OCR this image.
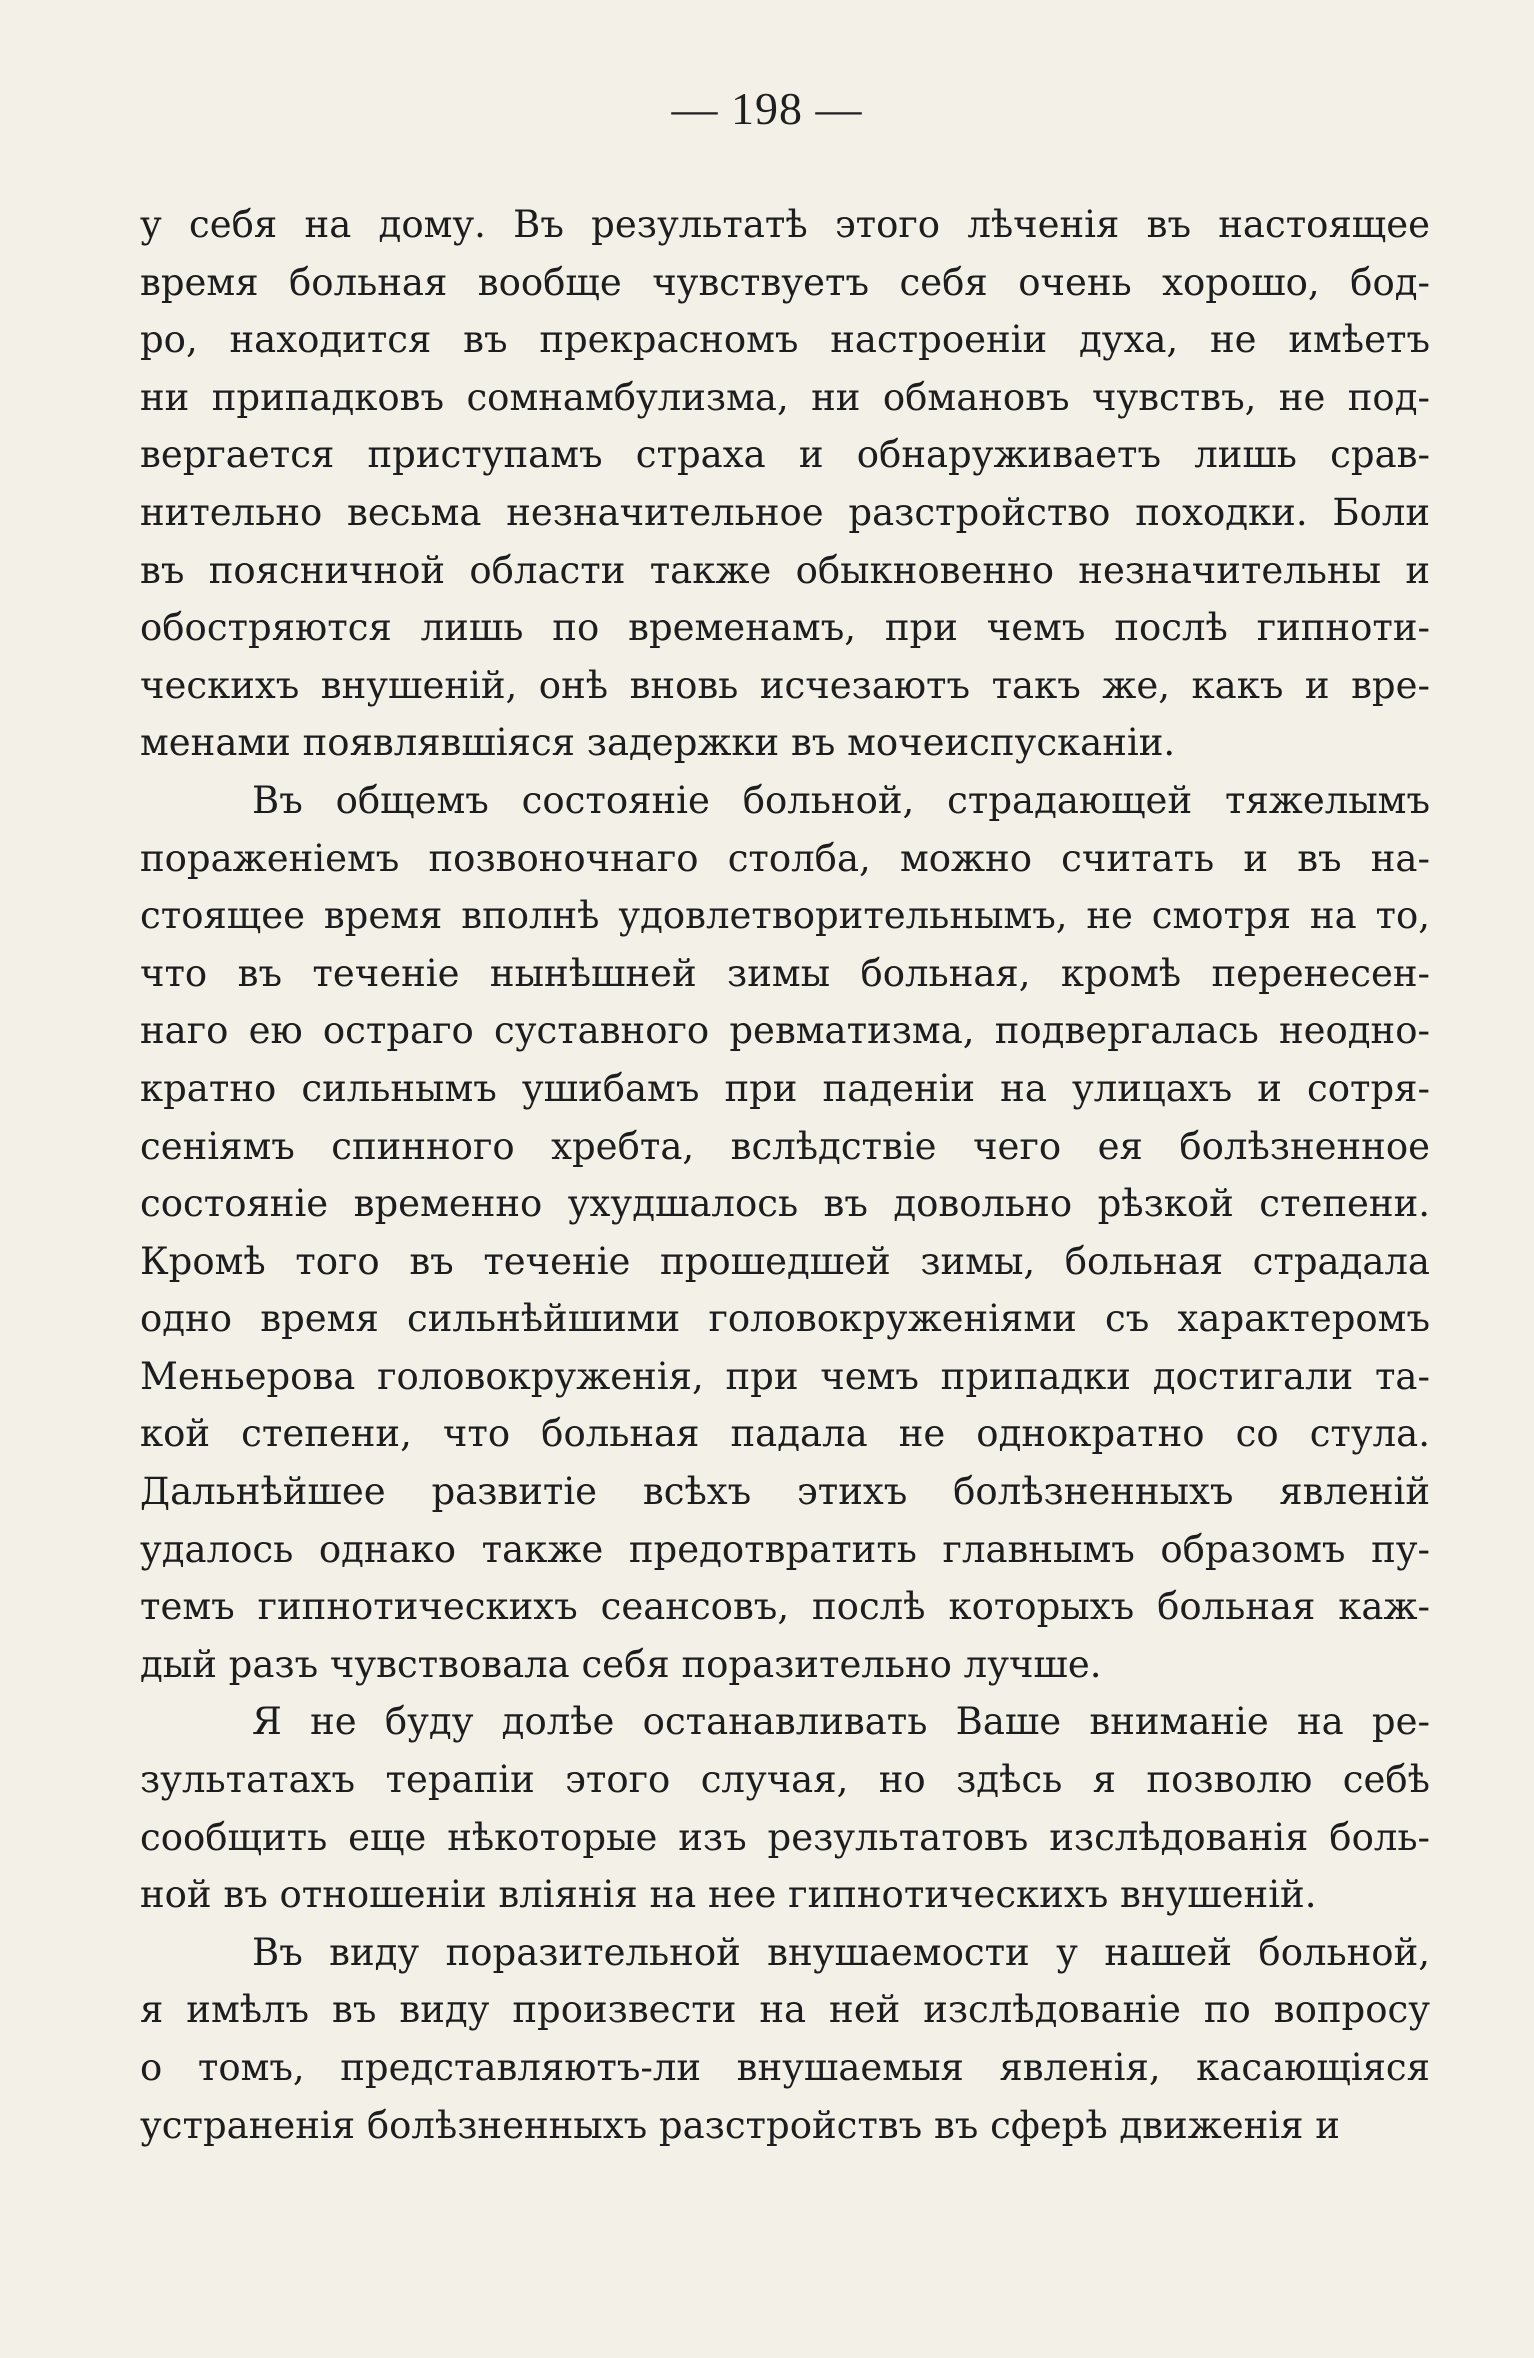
— 198 —
у себя на дому. Въ результатѣ этого лѣченія въ настоящее
время больная вообще чувствуетъ себя очень хорошо, бод-
ро, находится въ прекрасномъ настроеніи духа, не имѣетъ
ни припадковъ сомнамбулизма, ни обмановъ чувствъ, не под-
вергается приступамъ страха и обнаруживаетъ лишь срав-
нительно весьма незначительное разстройство походки. Боли
въ поясничной области также обыкновенно незначительны и
обостряются лишь по временамъ, при чемъ послѣ гипноти-
ческихъ внушеній, онѣ вновь исчезаютъ такъ же, какъ и вре-
менами появлявшіяся задержки въ мочеиспусканіи.
Въ общемъ состояніе больной, страдающей тяжелымъ
пораженіемъ позвоночнаго столба, можно считать и въ на-
стоящее время вполнѣ удовлетворительнымъ, не смотря на то,
что въ теченіе нынѣшней зимы больная, кромѣ перенесен-
наго ею остраго суставного ревматизма, подвергалась неодно-
кратно сильнымъ ушибамъ при паденіи на улицахъ и сотря-
сеніямъ спинного хребта, вслѣдствіе чего ея болѣзненное
состояніе временно ухудшалось въ довольно рѣзкой степени.
Кромѣ того въ теченіе прошедшей зимы, больная страдала
одно время сильнѣйшими головокруженіями съ характеромъ
Меньерова головокруженія, при чемъ припадки достигали та-
кой степени, что больная падала не однократно со стула.
Дальнѣйшее развитіе всѣхъ этихъ болѣзненныхъ явленій
удалось однако также предотвратить главнымъ образомъ пу-
темъ гипнотическихъ сеансовъ, послѣ которыхъ больная каж-
дый разъ чувствовала себя поразительно лучше.
Я не буду долѣе останавливать Ваше вниманіе на ре-
зультатахъ терапіи этого случая, но здѣсь я позволю себѣ
сообщить еще нѣкоторые изъ результатовъ изслѣдованія боль-
ной въ отношеніи вліянія на нее гипнотическихъ внушеній.
Въ виду поразительной внушаемости у нашей больной,
я имѣлъ въ виду произвести на ней изслѣдованіе по вопросу
о томъ, представляютъ-ли внушаемыя явленія, касающіяся
устраненія болѣзненныхъ разстройствъ въ сферѣ движенія и
